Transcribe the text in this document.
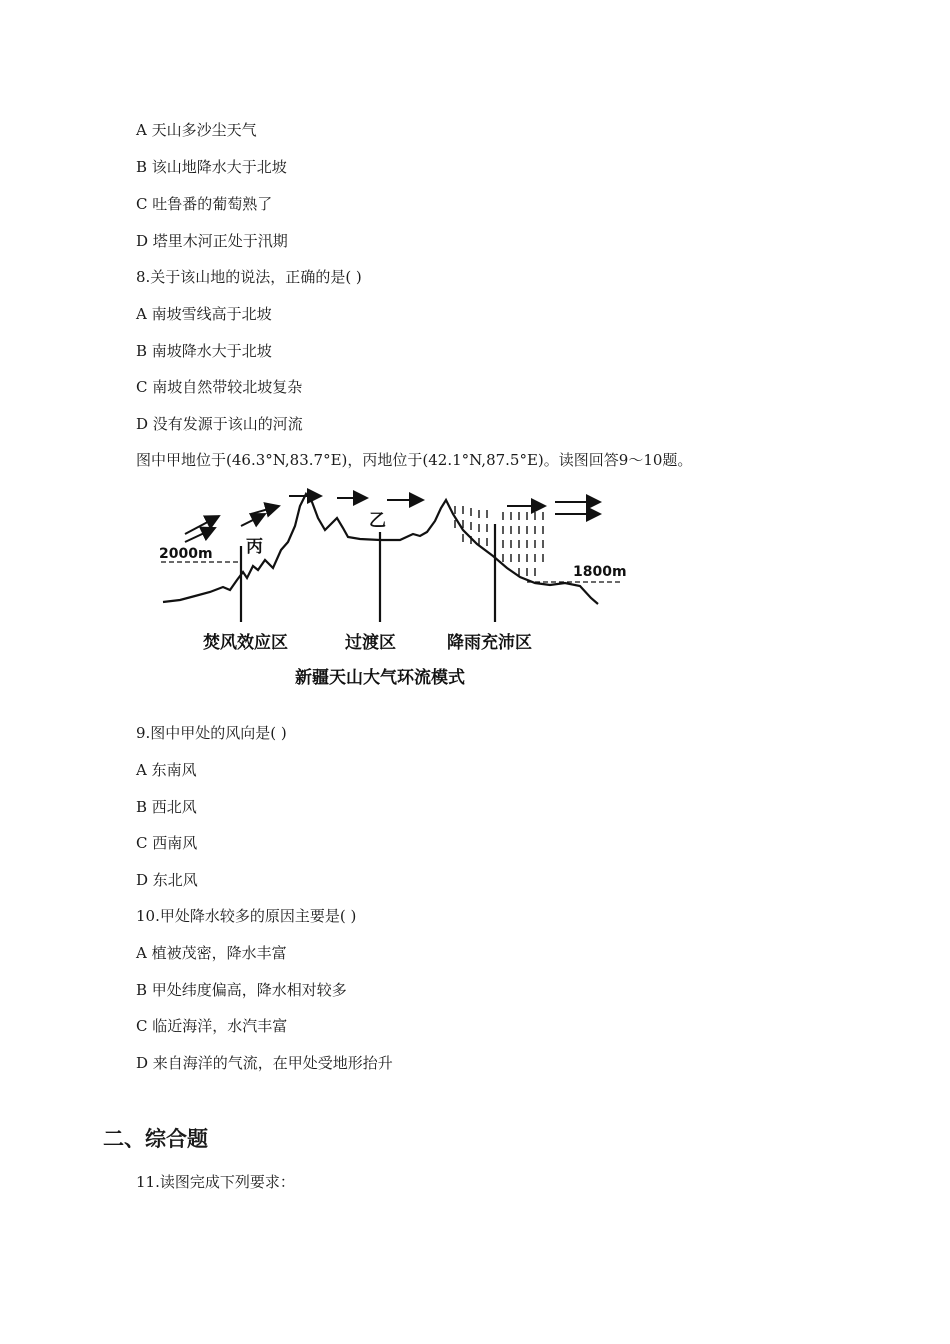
A 天山多沙尘天气
B 该山地降水大于北坡
C 吐鲁番的葡萄熟了
D 塔里木河正处于汛期
8.关于该山地的说法，正确的是( )
A 南坡雪线高于北坡
B 南坡降水大于北坡
C 南坡自然带较北坡复杂
D 没有发源于该山的河流
图中甲地位于(46.3°N,83.7°E)，丙地位于(42.1°N,87.5°E)。读图回答9～10题。
2000m
1800m
丙
乙
焚风效应区	过渡区	降雨充沛区
新疆天山大气环流模式
9.图中甲处的风向是( )
A 东南风
B 西北风
C 西南风
D 东北风
10.甲处降水较多的原因主要是( )
A 植被茂密，降水丰富
B 甲处纬度偏高，降水相对较多
C 临近海洋，水汽丰富
D 来自海洋的气流，在甲处受地形抬升
二、综合题
11.读图完成下列要求：
